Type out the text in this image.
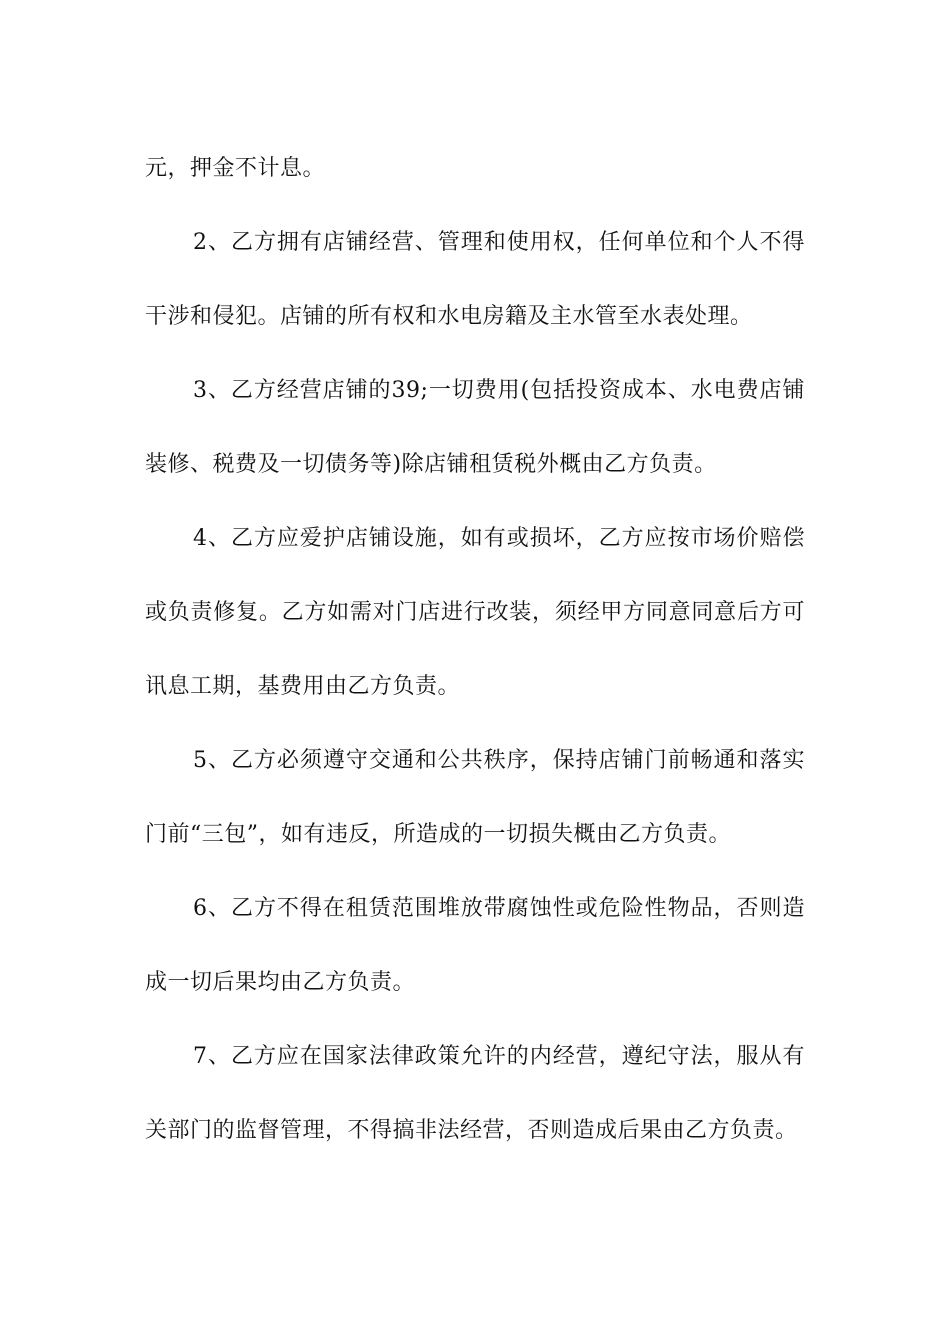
元，押金不计息。

2、乙方拥有店铺经营、管理和使用权，任何单位和个人不得干涉和侵犯。店铺的所有权和水电房籍及主水管至水表处理。

3、乙方经营店铺的39;一切费用(包括投资成本、水电费店铺装修、税费及一切债务等)除店铺租赁税外概由乙方负责。

4、乙方应爱护店铺设施，如有或损坏，乙方应按市场价赔偿或负责修复。乙方如需对门店进行改装，须经甲方同意同意后方可讯息工期，基费用由乙方负责。

5、乙方必须遵守交通和公共秩序，保持店铺门前畅通和落实门前“三包”，如有违反，所造成的一切损失概由乙方负责。

6、乙方不得在租赁范围堆放带腐蚀性或危险性物品，否则造成一切后果均由乙方负责。

7、乙方应在国家法律政策允许的内经营，遵纪守法，服从有关部门的监督管理，不得搞非法经营，否则造成后果由乙方负责。
